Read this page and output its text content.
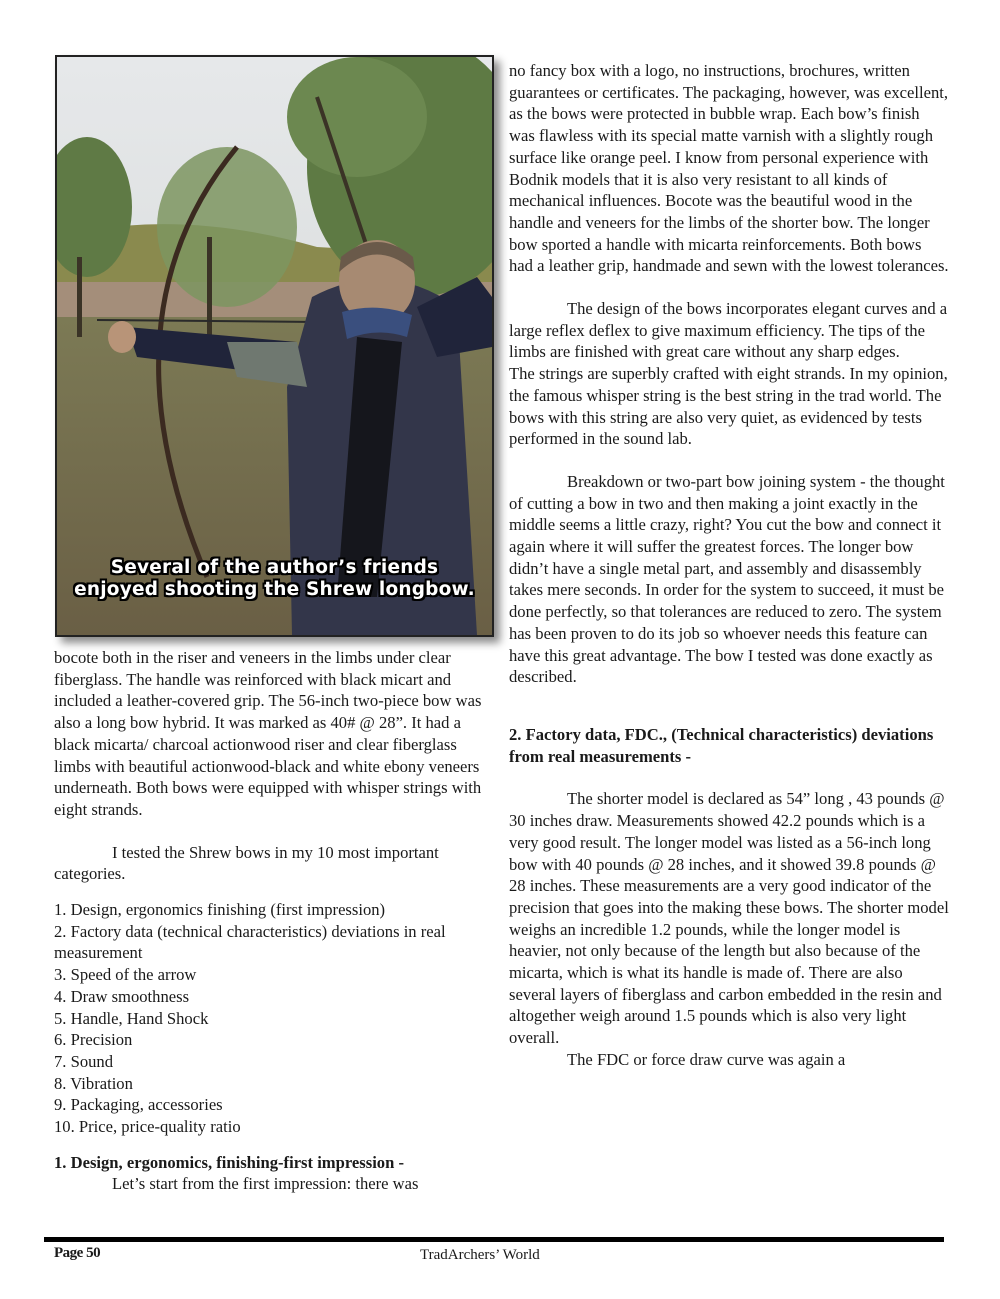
Several of the author’s friends
enjoyed shooting the Shrew longbow.

bocote both in the riser and veneers in the limbs under clear fiberglass. The handle was reinforced with black micart and included a leather-covered grip. The 56-inch two-piece bow was also a long bow hybrid. It was marked as 40# @ 28”. It had a black micarta/ charcoal actionwood riser and clear fiberglass limbs with beautiful actionwood-black and white ebony veneers underneath. Both bows were equipped with whisper strings with eight strands.

I tested the Shrew bows in my 10 most important categories.

1. Design, ergonomics finishing (first impression)
2. Factory data (technical characteristics) deviations in real measurement
3. Speed of the arrow
4. Draw smoothness
5. Handle, Hand Shock
6. Precision
7. Sound
8. Vibration
9. Packaging, accessories
10. Price, price-quality ratio

1. Design, ergonomics, finishing-first impression -

Let’s start from the first impression: there was

no fancy box with a logo, no instructions, brochures, written guarantees or certificates. The packaging, however, was excellent, as the bows were protected in bubble wrap. Each bow’s finish was flawless with its special matte varnish with a slightly rough surface like orange peel. I know from personal experience with Bodnik models that it is also very resistant to all kinds of mechanical influences. Bocote was the beautiful wood in the handle and veneers for the limbs of the shorter bow. The longer bow sported a handle with micarta reinforcements. Both bows had a leather grip, handmade and sewn with the lowest tolerances.

The design of the bows incorporates elegant curves and a large reflex deflex to give maximum efficiency. The tips of the limbs are finished with great care without any sharp edges.

The strings are superbly crafted with eight strands. In my opinion, the famous whisper string is the best string in the trad world. The bows with this string are also very quiet, as evidenced by tests performed in the sound lab.

Breakdown or two-part bow joining system - the thought of cutting a bow in two and then making a joint exactly in the middle seems a little crazy, right? You cut the bow and connect it again where it will suffer the greatest forces. The longer bow didn’t have a single metal part, and assembly and disassembly takes mere seconds. In order for the system to succeed, it must be done perfectly, so that tolerances are reduced to zero. The system has been proven to do its job so whoever needs this feature can have this great advantage. The bow I tested was done exactly as described.

2. Factory data, FDC., (Technical characteristics) deviations from real measurements -

The shorter model is declared as 54” long , 43 pounds @ 30 inches draw. Measurements showed 42.2 pounds which is a very good result. The longer model was listed as a 56-inch long bow with 40 pounds @ 28 inches, and it showed 39.8 pounds @ 28 inches. These measurements are a very good indicator of the precision that goes into the making these bows. The shorter model weighs an incredible 1.2 pounds, while the longer model is heavier, not only because of the length but also because of the micarta, which is what its handle is made of. There are also several layers of fiberglass and carbon embedded in the resin and altogether weigh around 1.5 pounds which is also very light overall.

The FDC or force draw curve was again a

Page 50	TradArchers’ World
